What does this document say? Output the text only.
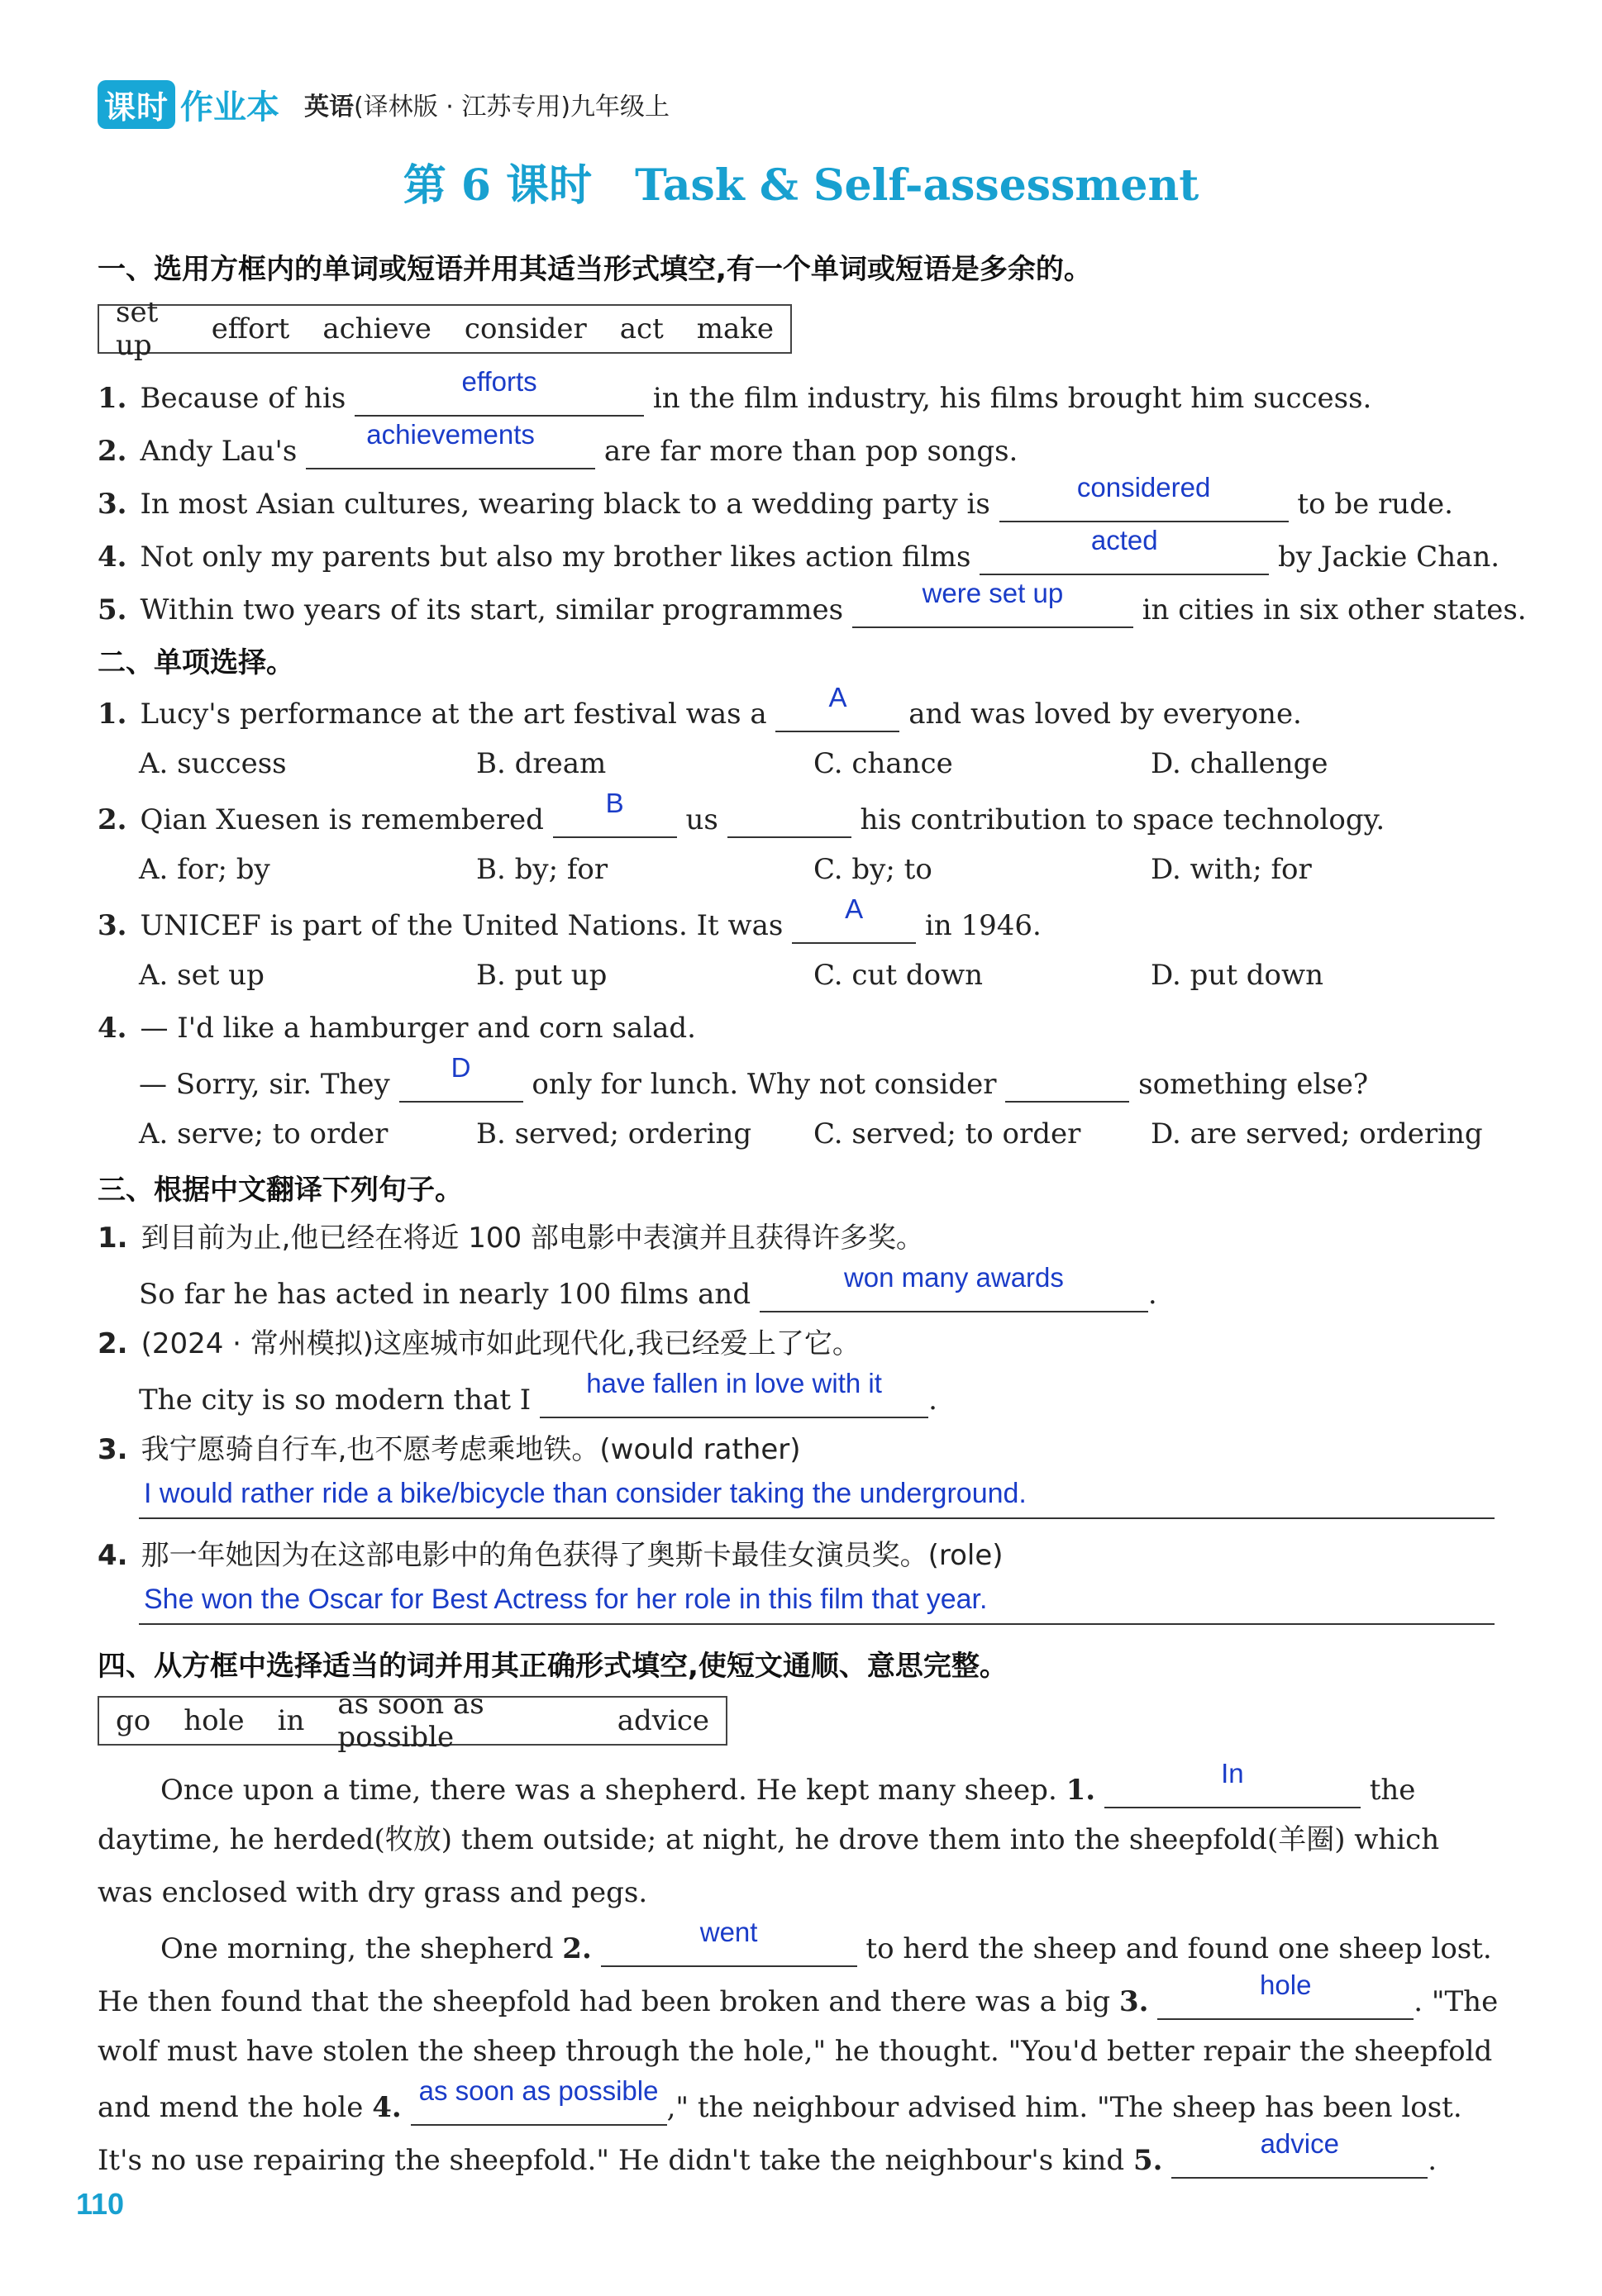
课时 作业本 英语(译林版 · 江苏专用)九年级上
第 6 课时　Task & Self-assessment
一、选用方框内的单词或短语并用其适当形式填空,有一个单词或短语是多余的。
set up	effort achieve consider act make
1. Because of his
efforts
in the film industry, his films brought him success.
2. Andy Lau's
achievements
are far more than pop songs.
3. In most Asian cultures, wearing black to a wedding party is
considered
to be rude.
4. Not only my parents but also my brother likes action films
acted
by Jackie Chan.
5. Within two years of its start, similar programmes
were set up
in cities in six other states.
二、单项选择。
1. Lucy's performance at the art festival was a
A
and was loved by everyone.
A. success	B. dream	C. chance	D. challenge
2. Qian Xuesen is remembered
B
us	his contribution to space technology.
A. for; by	B. by; for	C. by; to	D. with; for
3. UNICEF is part of the United Nations. It was
A
in 1946.
A. set up	B. put up	C. cut down	D. put down
4. — I'd like a hamburger and corn salad.
— Sorry, sir. They
D
only for lunch. Why not consider	something else?
A. serve; to order	B. served; ordering C. served; to order D. are served; ordering
三、根据中文翻译下列句子。
1. 到目前为止,他已经在将近 100 部电影中表演并且获得许多奖。
So far he has acted in nearly 100 films and
won many awards
.
2. (2024 · 常州模拟)这座城市如此现代化,我已经爱上了它。
The city is so modern that I
have fallen in love with it
.
3. 我宁愿骑自行车,也不愿考虑乘地铁。(would rather)
I would rather ride a bike/bicycle than consider taking the underground.
4. 那一年她因为在这部电影中的角色获得了奥斯卡最佳女演员奖。(role)
She won the Oscar for Best Actress for her role in this film that year.
四、从方框中选择适当的词并用其正确形式填空,使短文通顺、意思完整。
go hole in as soon as possible	advice
Once upon a time, there was a shepherd. He kept many sheep. 1.
In
the
daytime, he herded(牧放) them outside; at night, he drove them into the sheepfold(羊圈) which
was enclosed with dry grass and pegs.
One morning, the shepherd 2.
went
to herd the sheep and found one sheep lost.
He then found that the sheepfold had been broken and there was a big 3.
hole
. "The
wolf must have stolen the sheep through the hole," he thought. "You'd better repair the sheepfold
and mend the hole 4.
as soon as possible
," the neighbour advised him. "The sheep has been lost.
It's no use repairing the sheepfold." He didn't take the neighbour's kind 5.
advice
.
110
